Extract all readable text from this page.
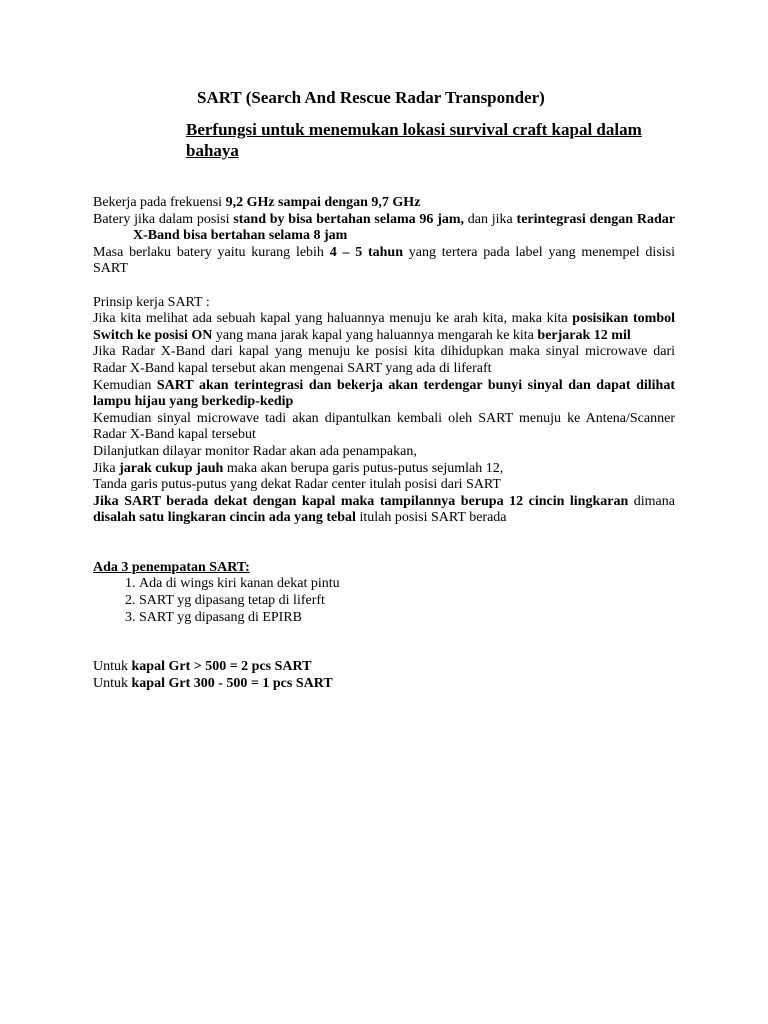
SART (Search And Rescue Radar Transponder)
Berfungsi untuk menemukan lokasi survival craft kapal dalam bahaya

Bekerja pada frekuensi 9,2 GHz sampai dengan 9,7 GHz

Batery jika dalam posisi stand by bisa bertahan selama 96 jam, dan jika terintegrasi dengan RadarX-Band bisa bertahan selama 8 jam

Masa berlaku batery yaitu kurang lebih 4 – 5 tahun yang tertera pada label yang menempel disisi SART

Prinsip kerja SART :

Jika kita melihat ada sebuah kapal yang haluannya menuju ke arah kita, maka kita posisikan tombol Switch ke posisi ON yang mana jarak kapal yang haluannya mengarah ke kita berjarak 12 mil

Jika Radar X-Band dari kapal yang menuju ke posisi kita dihidupkan maka sinyal microwave dari Radar X-Band kapal tersebut akan mengenai SART yang ada di liferaft

Kemudian SART akan terintegrasi dan bekerja akan terdengar bunyi sinyal dan dapat dilihat lampu hijau yang berkedip-kedip

Kemudian sinyal microwave tadi akan dipantulkan kembali oleh SART menuju ke Antena/Scanner Radar X-Band kapal tersebut

Dilanjutkan dilayar monitor Radar akan ada penampakan,

Jika jarak cukup jauh maka akan berupa garis putus-putus sejumlah 12,

Tanda garis putus-putus yang dekat Radar center itulah posisi dari SART

Jika SART berada dekat dengan kapal maka tampilannya berupa 12 cincin lingkaran dimana disalah satu lingkaran cincin ada yang tebal itulah posisi SART berada

Ada 3 penempatan SART:

1. Ada di wings kiri kanan dekat pintu
2. SART yg dipasang tetap di liferft
3. SART yg dipasang di EPIRB

Untuk kapal Grt > 500 = 2 pcs SART

Untuk kapal Grt 300 - 500 = 1 pcs SART
